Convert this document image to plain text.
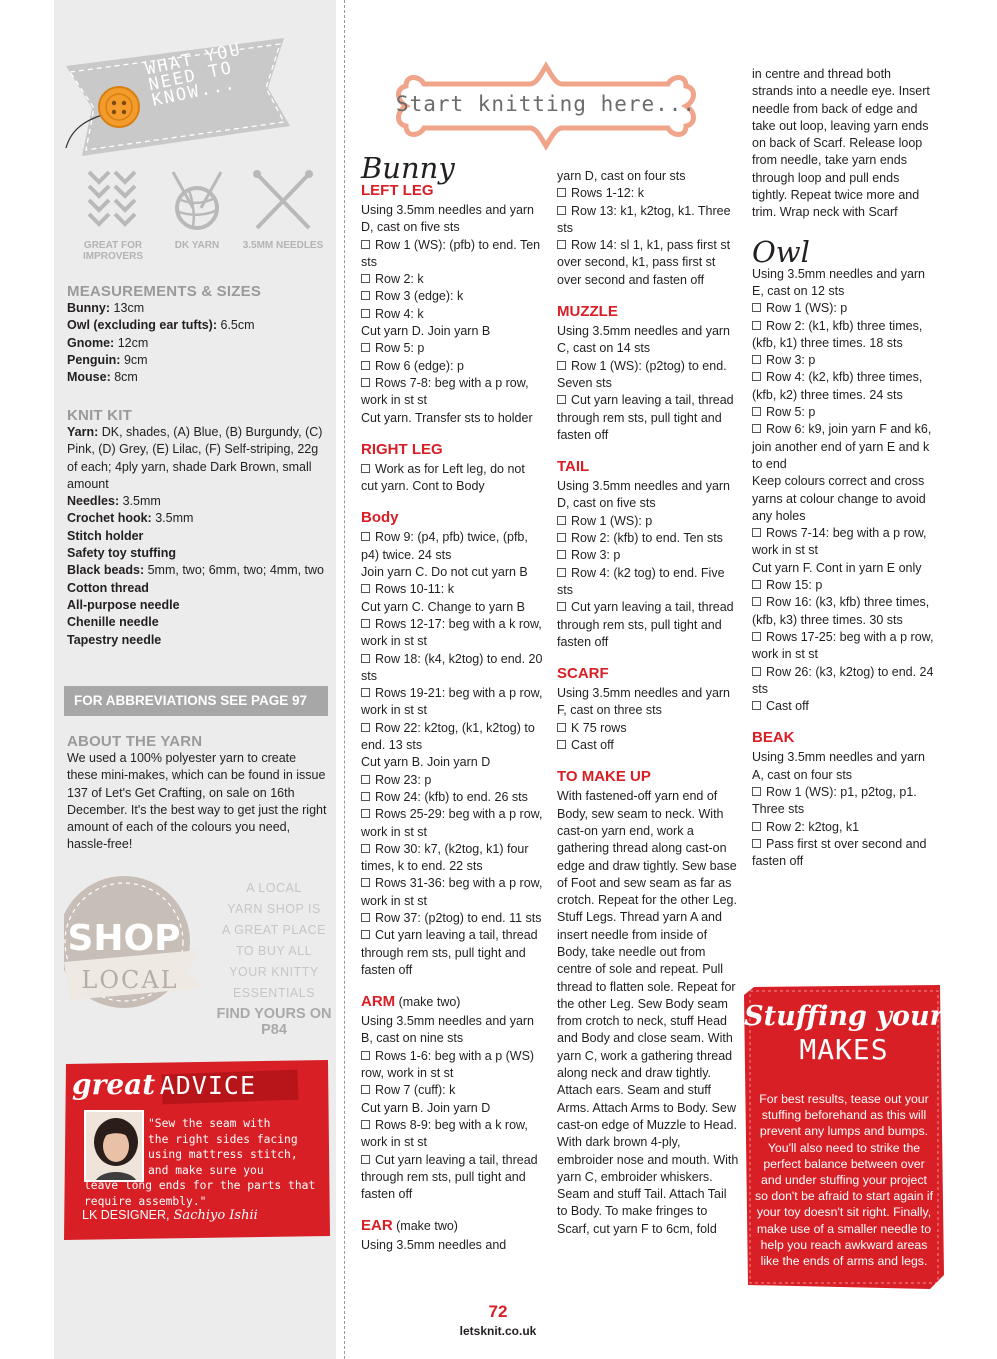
WHAT YOU NEED TO KNOW...
GREAT FOR IMPROVERS
DK YARN	3.5MM NEEDLES
MEASUREMENTS & SIZES
Bunny: 13cm
Owl (excluding ear tufts): 6.5cm
Gnome: 12cm
Penguin: 9cm
Mouse: 8cm
KNIT KIT
Yarn: DK, shades, (A) Blue, (B) Burgundy, (C) Pink, (D) Grey, (E) Lilac, (F) Self-striping, 22g of each; 4ply yarn, shade Dark Brown, small amount
Needles: 3.5mm
Crochet hook: 3.5mm
Stitch holder
Safety toy stuffing
Black beads: 5mm, two; 6mm, two; 4mm, two
Cotton thread
All-purpose needle
Chenille needle
Tapestry needle
FOR ABBREVIATIONS SEE PAGE 97
ABOUT THE YARN
We used a 100% polyester yarn to create these mini-makes, which can be found in issue 137 of Let's Get Crafting, on sale on 16th December. It's the best way to get just the right amount of each of the colours you need, hassle-free!
SHOP
LOCAL
A LOCAL
YARN SHOP IS
A GREAT PLACE
TO BUY ALL
YOUR KNITTY
ESSENTIALS
FIND YOURS ON P84
great ADVICE
"Sew the seam with
the right sides facing
using mattress stitch,
and make sure you
leave long ends for the parts that require assembly."
LK DESIGNER, Sachiyo Ishii
Start knitting here...

Bunny

LEFT LEG

Using 3.5mm needles and yarn D, cast on five sts

Row 1 (WS): (pfb) to end. Ten sts

Row 2: k

Row 3 (edge): k

Row 4: k

Cut yarn D. Join yarn B

Row 5: p

Row 6 (edge): p

Rows 7-8: beg with a p row, work in st st

Cut yarn. Transfer sts to holder

RIGHT LEG

Work as for Left leg, do not cut yarn. Cont to Body

Body

Row 9: (p4, pfb) twice, (pfb, p4) twice. 24 sts

Join yarn C. Do not cut yarn B

Rows 10-11: k

Cut yarn C. Change to yarn B

Rows 12-17: beg with a k row, work in st st

Row 18: (k4, k2tog) to end. 20 sts

Rows 19-21: beg with a p row, work in st st

Row 22: k2tog, (k1, k2tog) to end. 13 sts

Cut yarn B. Join yarn D

Row 23: p

Row 24: (kfb) to end. 26 sts

Rows 25-29: beg with a p row, work in st st

Row 30: k7, (k2tog, k1) four times, k to end. 22 sts

Rows 31-36: beg with a p row, work in st st

Row 37: (p2tog) to end. 11 sts

Cut yarn leaving a tail, thread through rem sts, pull tight and fasten off

ARM (make two)

Using 3.5mm needles and yarn B, cast on nine sts

Rows 1-6: beg with a p (WS) row, work in st st

Row 7 (cuff): k

Cut yarn B. Join yarn D

Rows 8-9: beg with a k row, work in st st

Cut yarn leaving a tail, thread through rem sts, pull tight and fasten off

EAR (make two)

Using 3.5mm needles and

yarn D, cast on four sts

Rows 1-12: k

Row 13: k1, k2tog, k1. Three sts

Row 14: sl 1, k1, pass first st over second, k1, pass first st over second and fasten off

MUZZLE

Using 3.5mm needles and yarn C, cast on 14 sts

Row 1 (WS): (p2tog) to end. Seven sts

Cut yarn leaving a tail, thread through rem sts, pull tight and fasten off

TAIL

Using 3.5mm needles and yarn D, cast on five sts

Row 1 (WS): p

Row 2: (kfb) to end. Ten sts

Row 3: p

Row 4: (k2 tog) to end. Five sts

Cut yarn leaving a tail, thread through rem sts, pull tight and fasten off

SCARF

Using 3.5mm needles and yarn F, cast on three sts

K 75 rows

Cast off

TO MAKE UP

With fastened-off yarn end of Body, sew seam to neck. With cast-on yarn end, work a gathering thread along cast-on edge and draw tightly. Sew base of Foot and sew seam as far as crotch. Repeat for the other Leg. Stuff Legs. Thread yarn A and insert needle from inside of Body, take needle out from centre of sole and repeat. Pull thread to flatten sole. Repeat for the other Leg. Sew Body seam from crotch to neck, stuff Head and Body and close seam. With yarn C, work a gathering thread along neck and draw tightly. Attach ears. Seam and stuff Arms. Attach Arms to Body. Sew cast-on edge of Muzzle to Head. With dark brown 4-ply, embroider nose and mouth. With yarn C, embroider whiskers. Seam and stuff Tail. Attach Tail to Body. To make fringes to Scarf, cut yarn F to 6cm, fold

in centre and thread both strands into a needle eye. Insert needle from back of edge and take out loop, leaving yarn ends on back of Scarf. Release loop from needle, take yarn ends through loop and pull ends tightly. Repeat twice more and trim. Wrap neck with Scarf

Owl

Using 3.5mm needles and yarn E, cast on 12 sts

Row 1 (WS): p

Row 2: (k1, kfb) three times, (kfb, k1) three times. 18 sts

Row 3: p

Row 4: (k2, kfb) three times, (kfb, k2) three times. 24 sts

Row 5: p

Row 6: k9, join yarn F and k6, join another end of yarn E and k to end

Keep colours correct and cross yarns at colour change to avoid any holes

Rows 7-14: beg with a p row, work in st st

Cut yarn F. Cont in yarn E only

Row 15: p

Row 16: (k3, kfb) three times, (kfb, k3) three times. 30 sts

Rows 17-25: beg with a p row, work in st st

Row 26: (k3, k2tog) to end. 24 sts

Cast off

BEAK

Using 3.5mm needles and yarn A, cast on four sts

Row 1 (WS): p1, p2tog, p1. Three sts

Row 2: k2tog, k1

Pass first st over second and fasten off

Stuffing your
MAKES
For best results, tease out your stuffing beforehand as this will prevent any lumps and bumps. You'll also need to strike the perfect balance between over and under stuffing your project so don't be afraid to start again if your toy doesn't sit right. Finally, make use of a smaller needle to help you reach awkward areas like the ends of arms and legs.
72
letsknit.co.uk
